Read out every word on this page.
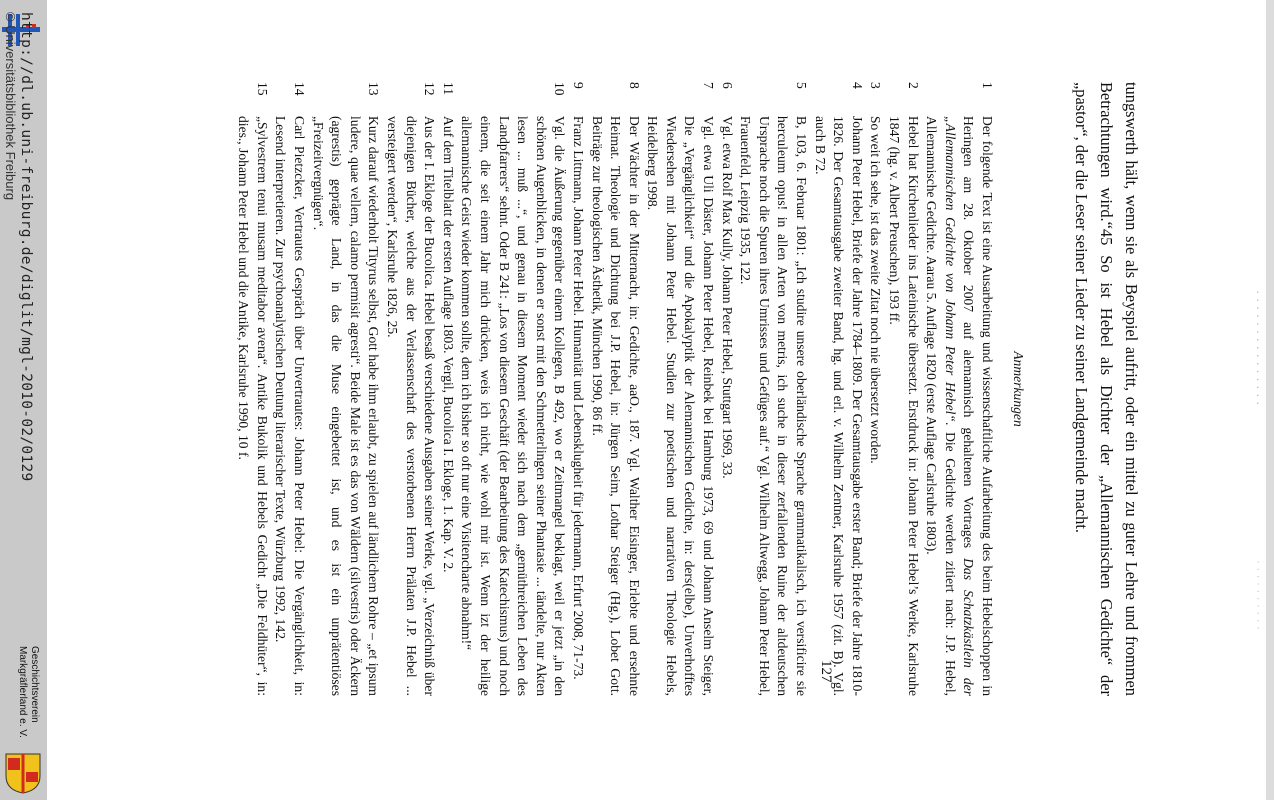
· · · · · · · · · · · · · · ·
· · · · · · · · · ·

tungswerth hält, wenn sie als Beyspiel aufritt, oder ein mittel zu guter Lehre und frommen Betrachtungen wird.“45 So ist Hebel als Dichter der „Allemannischen Gedichte“ der „pastor“, der die Leser seiner Lieder zu seiner Landgemeinde macht.

Anmerkungen

1
Der folgende Text ist eine Ausarbeitung und wissenschaftliche Aufarbeitung des beim Hebelschoppen in Heringen am 28. Oktober 2007 auf alemannisch gehaltenen Vortrages Das Schatzkästlein der „Allemannischen Gedichte von Johann Peter Hebel“. Die Gedichte werden zitiert nach: J.P. Hebel, Allemannische Gedichte. Aarau 5. Auflage 1820 (erste Auflage Carlsruhe 1803).
2
Hebel hat Kirchenlieder ins Lateinische übersetzt. Erstdruck in: Johann Peter Hebel’s Werke, Karlsruhe 1847 (hg. v. Albert Preuschen), 193 ff.
3
So weit ich sehe, ist das zweite Zitat noch nie übersetzt worden.
4
Johann Peter Hebel, Briefe der Jahre 1784–1809. Der Gesamtausgabe erster Band; Briefe der Jahre 1810-1826. Der Gesamtausgabe zweiter Band, hg. und erl. v. Wilhelm Zentner, Karlsruhe 1957 (zit. B). Vgl. auch B 72.
5
B, 103, 6. Februar 1801: „Ich studire unsere oberländische Sprache grammatikalisch, ich versificire sie herculeum opus! in allen Arten von metris, ich suche in dieser zerfallenden Ruine der altdeutschen Ursprache noch die Spuren ihres Umrisses und Gefüges auf.“ Vgl. Wilhelm Altwegg, Johann Peter Hebel, Frauenfeld, Leipzig 1935, 122.
6
Vgl. etwa Rolf Max Kully, Johann Peter Hebel, Stuttgart 1969, 33.
7
Vgl. etwa Uli Däster, Johann Peter Hebel, Reinbek bei Hamburg 1973, 69 und Johann Anselm Steiger, Die „Vergänglichkeit“ und die Apokalyptik der Alemannischen Gedichte, in: ders(elbe), Unverhofftes Wiedersehen mit Johann Peter Hebel. Studien zur poetischen und narrativen Theologie Hebels, Heidelberg 1998.
8
Der Wächter in der Mitternacht, in: Gedichte, aaO., 187. Vgl. Walther Eisinger, Erlebte und ersehnte Heimat. Theologie und Dichtung bei J.P. Hebel, in: Jürgen Seim, Lothar Steiger (Hg.), Lobet Gott. Beiträge zur theologischen Ästhetik, München 1990, 86 ff.
9
Franz Littmann, Johann Peter Hebel. Humanität und Lebensklugheit für jedermann, Erfurt 2008, 71-73.
10
Vgl. die Äußerung gegenüber einem Kollegen, B 492, wo er Zeitmangel beklagt, weil er jetzt „in den schönen Augenblicken, in denen er sonst mit den Schmetterlingen seiner Phantasie ... tändelte, nur Akten lesen ... muß ...“, und genau in diesem Moment wieder sich nach dem „gemüthreichen Leben des Landpfarrers“ sehnt. Oder B 241: „Los von diesem Geschäft (der Bearbeitung des Katechismus) und noch einem, die seit einem Jahr mich drücken, weis ich nicht, wie wohl mir ist. Wenn izt der heilige allemannische Geist wieder kommen sollte, dem ich bisher so oft nur eine Visitencharte abnahm!“
11
Auf dem Titelblatt der ersten Auflage 1803. Vergil, Bucolica I. Ekloge, 1. Kap. V. 2.
12
Aus der I. Ekloge der Bucolica. Hebel besaß verschiedene Ausgaben seiner Werke, vgl. „Verzeichniß über diejenigen Bücher, welche aus der Verlassenschaft des verstorbenen Herrn Prälaten J.P. Hebel ... versteigert werden“, Karlsruhe 1826, 25.
13
Kurz darauf wiederholt Tityrus selbst, Gott habe ihm erlaubt, zu spielen auf ländlichem Rohre – „et ipsum ludere, quae vellem, calamo permisit agresti“. Beide Male ist es das von Wäldern (silvestris) oder Äckern (agrestis) geprägte Land, in das die Muse eingebettet ist, und es ist ein unprätentiöses „Freizeitvergnügen“.
14
Carl Pietzcker, Vertrautes Gespräch über Unvertrautes: Johann Peter Hebel: Die Vergänglichkeit, in: Lesend interpretieren. Zur psychoanalytischen Deutung literarischer Texte, Würzburg 1992, 142.
15
„Sylvestrem tenui musam meditabor avena“. Antike Bukolik und Hebels Gedicht „Die Feldhüter“, in: dies., Johann Peter Hebel und die Antike, Karlsruhe 1990, 10 f.

127

http://dl.ub.uni-freiburg.de/diglit/mgl-2010-02/0129
© Universitätsbibliothek Freiburg
Geschichtsverein
Markgräflerland e. V.
